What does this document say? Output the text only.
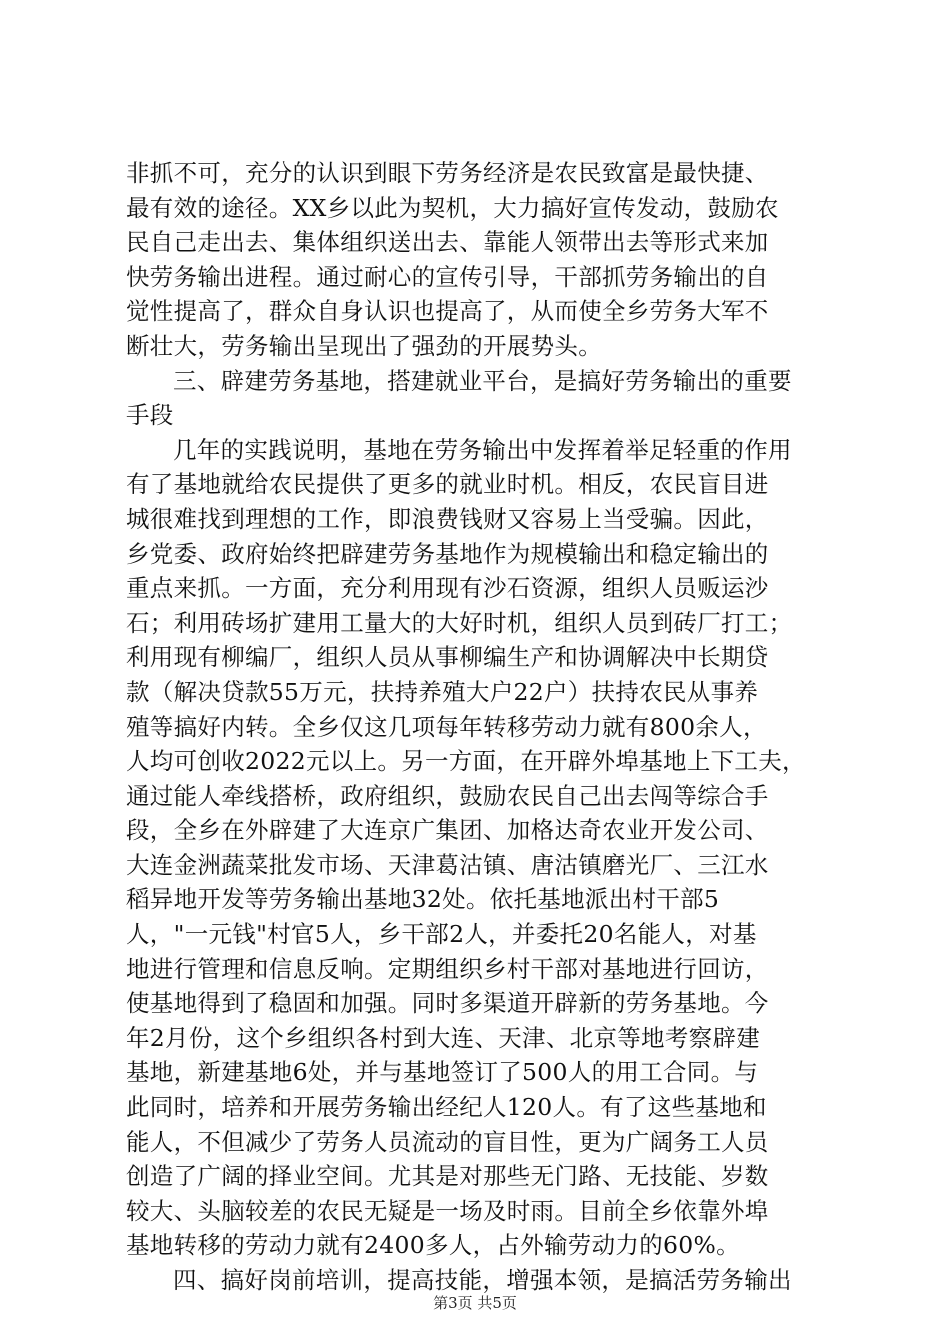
非抓不可，充分的认识到眼下劳务经济是农民致富是最快捷、
最有效的途径。XX乡以此为契机，大力搞好宣传发动，鼓励农
民自己走出去、集体组织送出去、靠能人领带出去等形式来加
快劳务输出进程。通过耐心的宣传引导，干部抓劳务输出的自
觉性提高了，群众自身认识也提高了，从而使全乡劳务大军不
断壮大，劳务输出呈现出了强劲的开展势头。
三、辟建劳务基地，搭建就业平台，是搞好劳务输出的重要
手段
几年的实践说明，基地在劳务输出中发挥着举足轻重的作用
有了基地就给农民提供了更多的就业时机。相反，农民盲目进
城很难找到理想的工作，即浪费钱财又容易上当受骗。因此，
乡党委、政府始终把辟建劳务基地作为规模输出和稳定输出的
重点来抓。一方面，充分利用现有沙石资源，组织人员贩运沙
石；利用砖场扩建用工量大的大好时机，组织人员到砖厂打工；
利用现有柳编厂，组织人员从事柳编生产和协调解决中长期贷
款（解决贷款55万元，扶持养殖大户22户）扶持农民从事养
殖等搞好内转。全乡仅这几项每年转移劳动力就有800余人，
人均可创收2022元以上。另一方面，在开辟外埠基地上下工夫，
通过能人牵线搭桥，政府组织，鼓励农民自己出去闯等综合手
段，全乡在外辟建了大连京广集团、加格达奇农业开发公司、
大连金洲蔬菜批发市场、天津葛沽镇、唐沽镇磨光厂、三江水
稻异地开发等劳务输出基地32处。依托基地派出村干部5
人，"一元钱"村官5人，乡干部2人，并委托20名能人，对基
地进行管理和信息反响。定期组织乡村干部对基地进行回访，
使基地得到了稳固和加强。同时多渠道开辟新的劳务基地。今
年2月份，这个乡组织各村到大连、天津、北京等地考察辟建
基地，新建基地6处，并与基地签订了500人的用工合同。与
此同时，培养和开展劳务输出经纪人120人。有了这些基地和
能人，不但减少了劳务人员流动的盲目性，更为广阔务工人员
创造了广阔的择业空间。尤其是对那些无门路、无技能、岁数
较大、头脑较差的农民无疑是一场及时雨。目前全乡依靠外埠
基地转移的劳动力就有2400多人，占外输劳动力的60%。
四、搞好岗前培训，提高技能，增强本领，是搞活劳务输出
第3页 共5页
